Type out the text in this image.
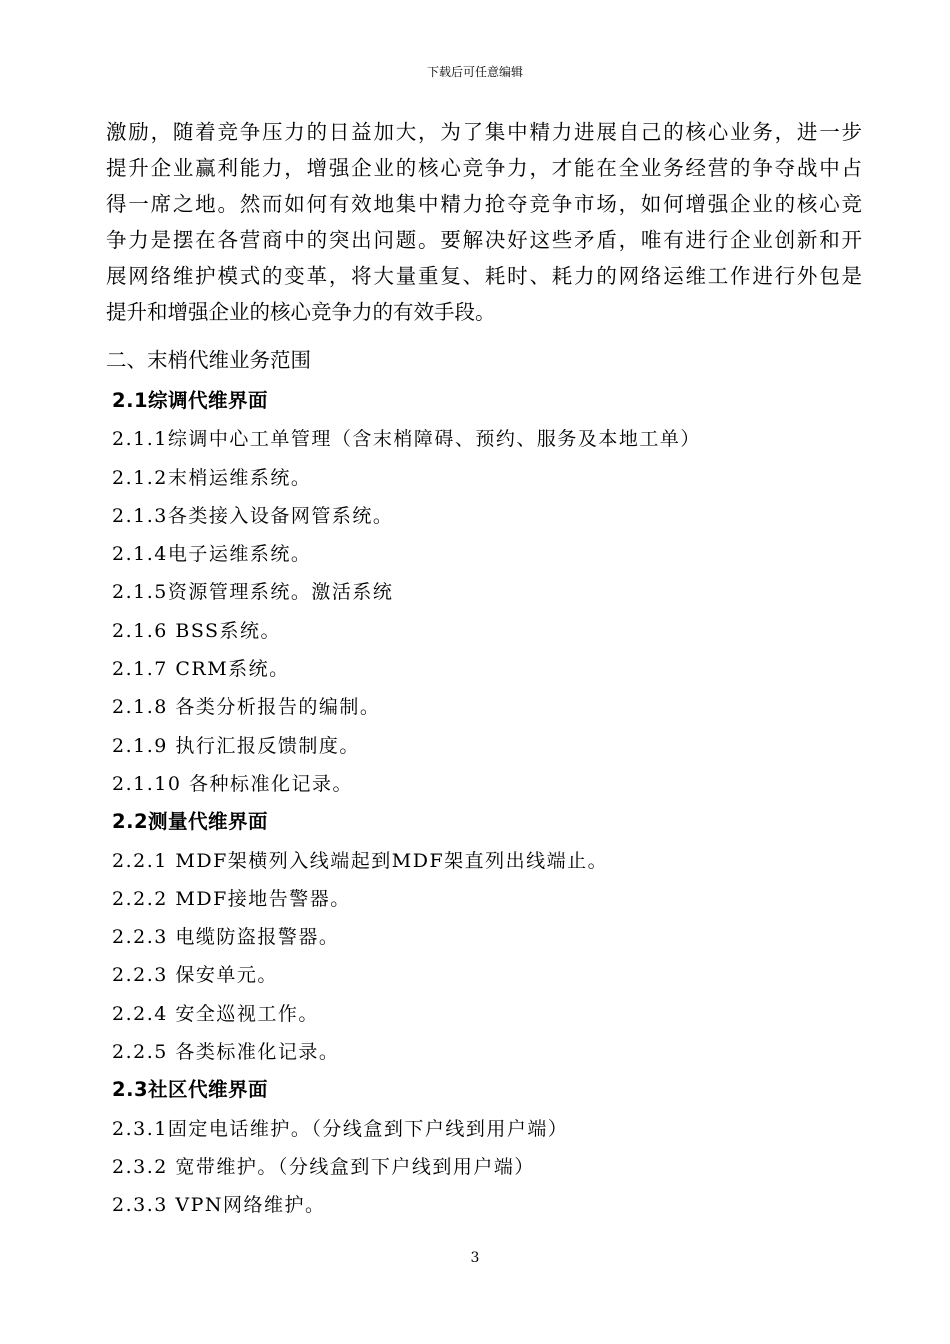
下载后可任意编辑
激励，随着竞争压力的日益加大，为了集中精力进展自己的核心业务，进一步
提升企业赢利能力，增强企业的核心竞争力，才能在全业务经营的争夺战中占
得一席之地。然而如何有效地集中精力抢夺竞争市场，如何增强企业的核心竞
争力是摆在各营商中的突出问题。要解决好这些矛盾，唯有进行企业创新和开
展网络维护模式的变革，将大量重复、耗时、耗力的网络运维工作进行外包是
提升和增强企业的核心竞争力的有效手段。
二、末梢代维业务范围
2.1综调代维界面
2.1.1综调中心工单管理（含末梢障碍、预约、服务及本地工单）
2.1.2末梢运维系统。
2.1.3各类接入设备网管系统。
2.1.4电子运维系统。
2.1.5资源管理系统。激活系统
2.1.6 BSS系统。
2.1.7 CRM系统。
2.1.8 各类分析报告的编制。
2.1.9 执行汇报反馈制度。
2.1.10 各种标准化记录。
2.2测量代维界面
2.2.1 MDF架横列入线端起到MDF架直列出线端止。
2.2.2 MDF接地告警器。
2.2.3 电缆防盗报警器。
2.2.3 保安单元。
2.2.4 安全巡视工作。
2.2.5 各类标准化记录。
2.3社区代维界面
2.3.1固定电话维护。（分线盒到下户线到用户端）
2.3.2 宽带维护。（分线盒到下户线到用户端）
2.3.3 VPN网络维护。
3
